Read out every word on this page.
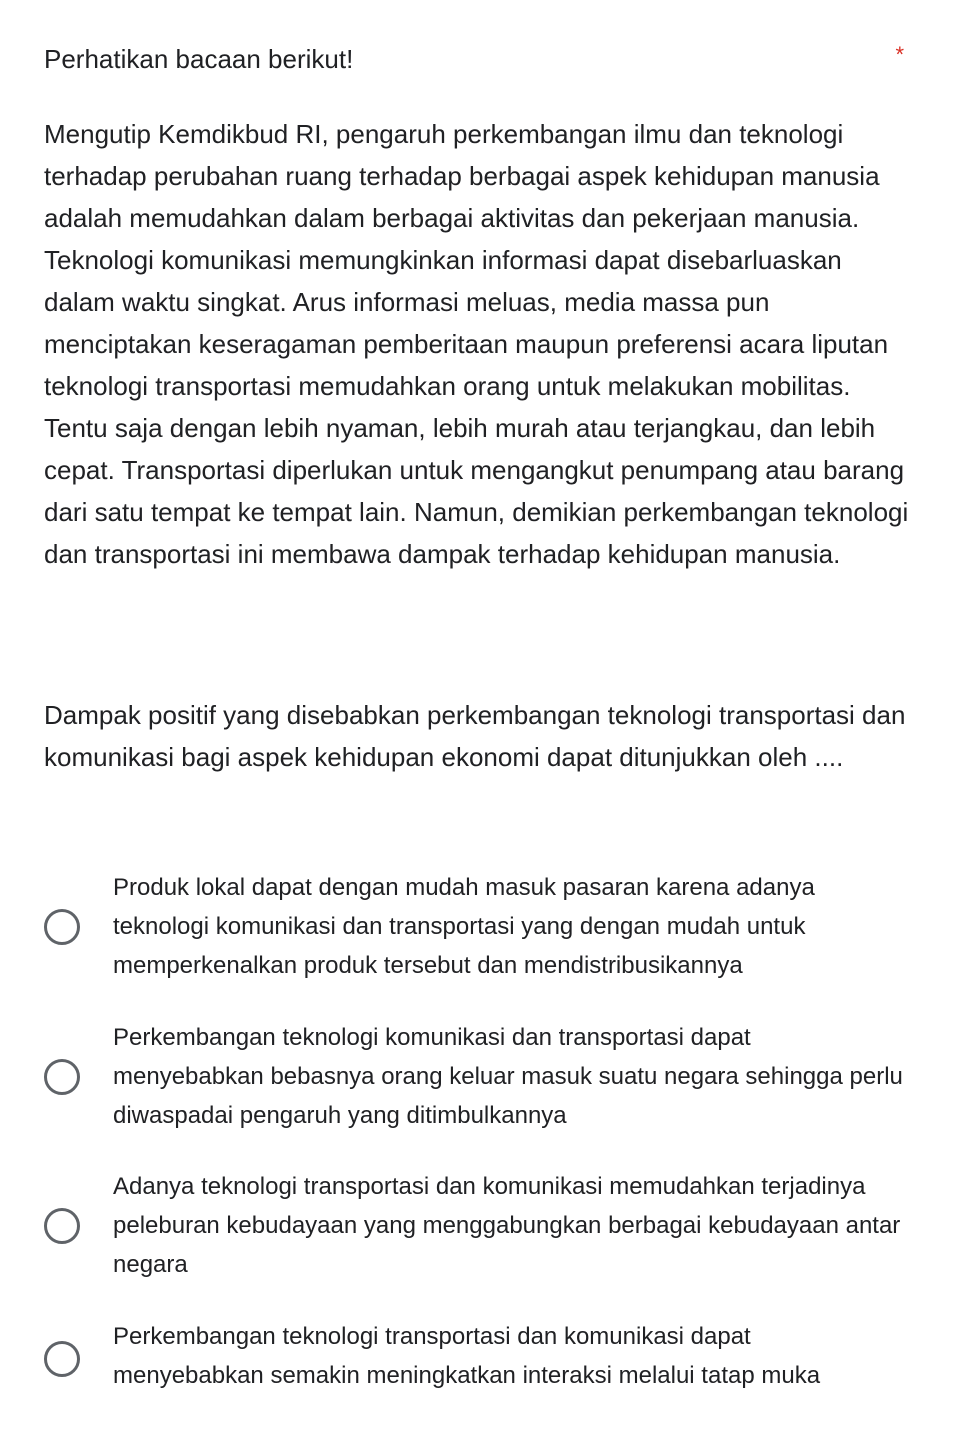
Perhatikan bacaan berikut!	*

Mengutip Kemdikbud RI, pengaruh perkembangan ilmu dan teknologi terhadap perubahan ruang terhadap berbagai aspek kehidupan manusia adalah memudahkan dalam berbagai aktivitas dan pekerjaan manusia. Teknologi komunikasi memungkinkan informasi dapat disebarluaskan dalam waktu singkat. Arus informasi meluas, media massa pun menciptakan keseragaman pemberitaan maupun preferensi acara liputan teknologi transportasi memudahkan orang untuk melakukan mobilitas. Tentu saja dengan lebih nyaman, lebih murah atau terjangkau, dan lebih cepat. Transportasi diperlukan untuk mengangkut penumpang atau barang dari satu tempat ke tempat lain. Namun, demikian perkembangan teknologi dan transportasi ini membawa dampak terhadap kehidupan manusia.

Dampak positif yang disebabkan perkembangan teknologi transportasi dan komunikasi bagi aspek kehidupan ekonomi dapat ditunjukkan oleh ....

Produk lokal dapat dengan mudah masuk pasaran karena adanya teknologi komunikasi dan transportasi yang dengan mudah untuk memperkenalkan produk tersebut dan mendistribusikannya
Perkembangan teknologi komunikasi dan transportasi dapat menyebabkan bebasnya orang keluar masuk suatu negara sehingga perlu diwaspadai pengaruh yang ditimbulkannya
Adanya teknologi transportasi dan komunikasi memudahkan terjadinya peleburan kebudayaan yang menggabungkan berbagai kebudayaan antar negara
Perkembangan teknologi transportasi dan komunikasi dapat menyebabkan semakin meningkatkan interaksi melalui tatap muka
